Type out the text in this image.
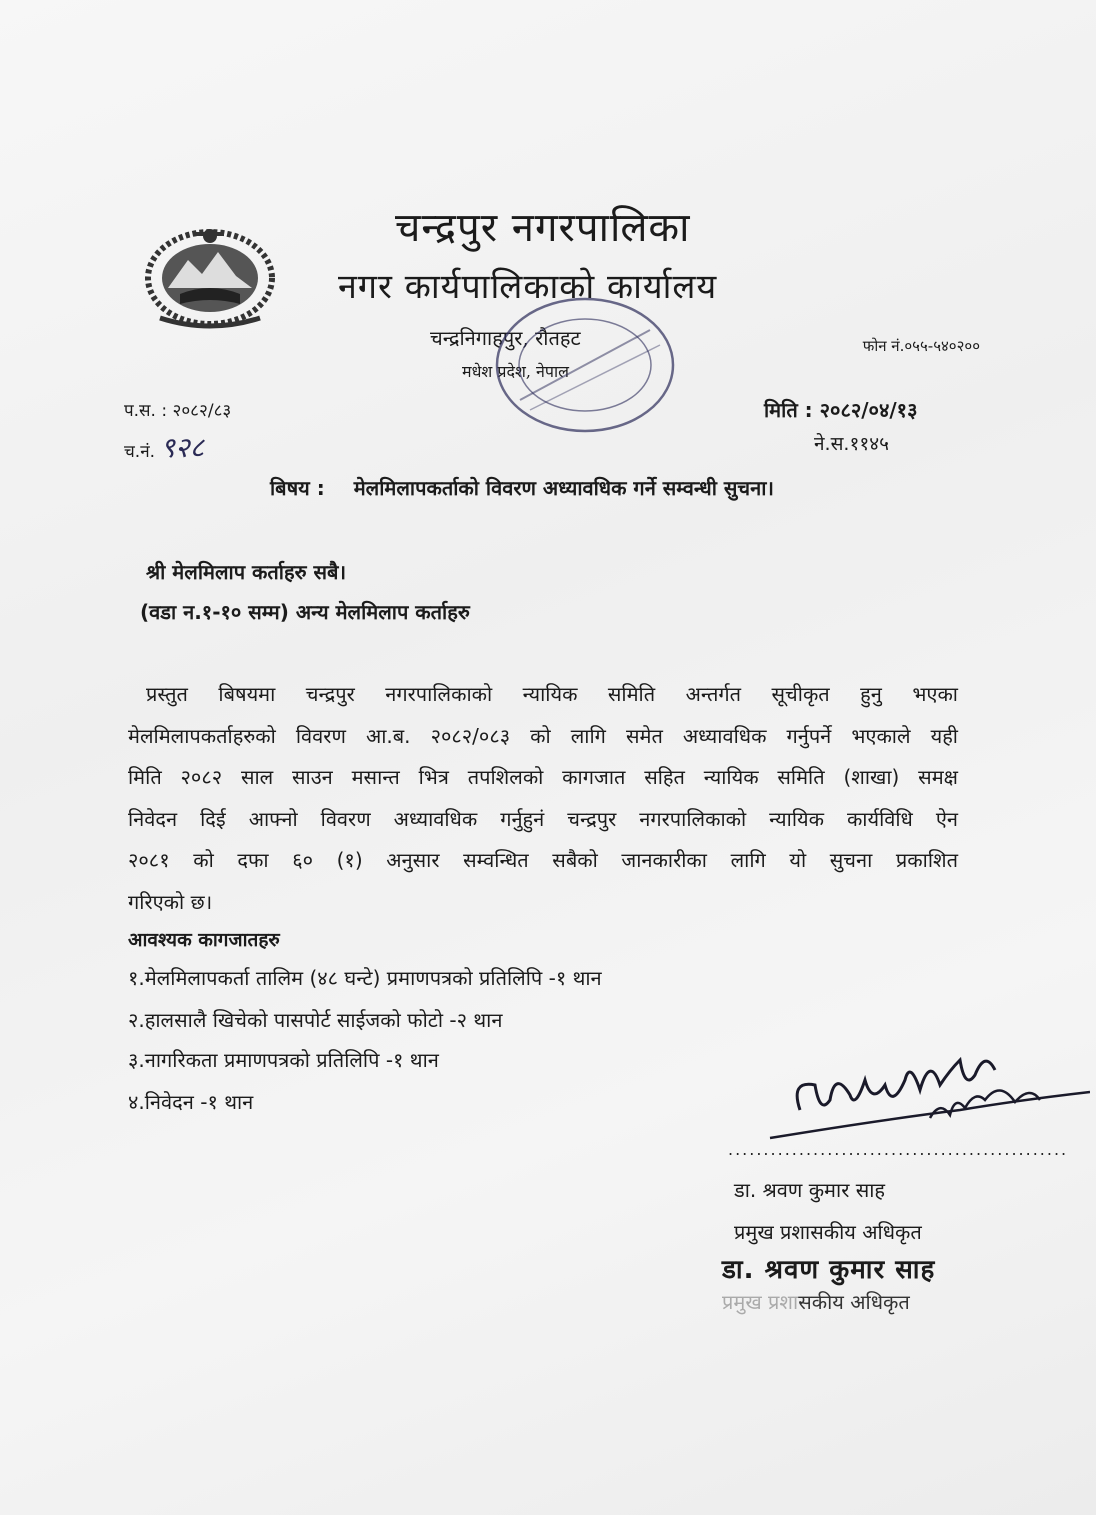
चन्द्रपुर नगरपालिका
नगर कार्यपालिकाको कार्यालय
चन्द्रनिगाहपुर, रौतहट
मधेश प्रदेश, नेपाल
फोन नं.०५५-५४०२००
प.स. : २०८२/८३
च.नं. ९२८
मिति : २०८२/०४/१३
ने.स.११४५
बिषय : मेलमिलापकर्ताको विवरण अध्यावधिक गर्ने सम्वन्धी सुचना।
श्री मेलमिलाप कर्ताहरु सबै।
(वडा न.१-१० सम्म) अन्य मेलमिलाप कर्ताहरु

प्रस्तुत बिषयमा चन्द्रपुर नगरपालिकाको न्यायिक समिति अन्तर्गत सूचीकृत हुनु भएका

मेलमिलापकर्ताहरुको विवरण आ.ब. २०८२/०८३ को लागि समेत अध्यावधिक गर्नुपर्ने भएकाले यही

मिति २०८२ साल साउन मसान्त भित्र तपशिलको कागजात सहित न्यायिक समिति (शाखा) समक्ष

निवेदन दिई आफ्नो विवरण अध्यावधिक गर्नुहुनं चन्द्रपुर नगरपालिकाको न्यायिक कार्यविधि ऐन

२०८१ को दफा ६० (१) अनुसार सम्वन्धित सबैको जानकारीका लागि यो सुचना प्रकाशित

गरिएको छ।

आवश्यक कागजातहरु
१.मेलमिलापकर्ता तालिम (४८ घन्टे) प्रमाणपत्रको प्रतिलिपि -१ थान
२.हालसालै खिचेको पासपोर्ट साईजको फोटो -२ थान
३.नागरिकता प्रमाणपत्रको प्रतिलिपि -१ थान
४.निवेदन -१ थान
................................................
डा. श्रवण कुमार साह
प्रमुख प्रशासकीय अधिकृत
डा. श्रवण कुमार साह
प्रमुख प्रशासकीय अधिकृत
